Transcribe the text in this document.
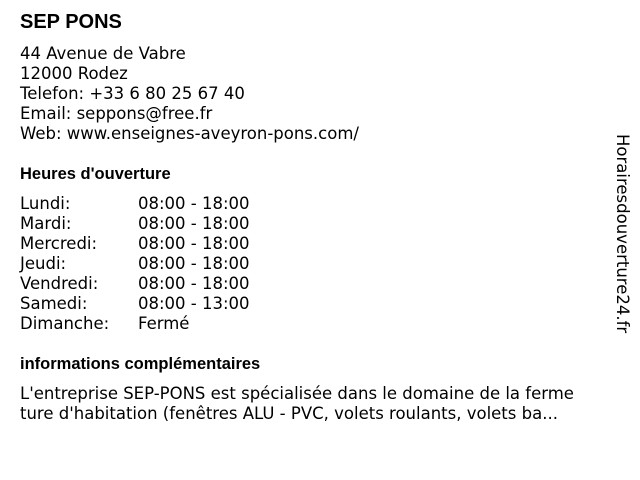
SEP PONS
44 Avenue de Vabre
12000 Rodez
Telefon: +33 6 80 25 67 40
Email: seppons@free.fr
Web: www.enseignes-aveyron-pons.com/
Heures d'ouverture
Lundi:	08:00 - 18:00
Mardi:	08:00 - 18:00
Mercredi: 08:00 - 18:00
Jeudi:	08:00 - 18:00
Vendredi: 08:00 - 18:00
Samedi:	08:00 - 13:00
Dimanche: Fermé
informations complémentaires
L'entreprise SEP-PONS est spécialisée dans le domaine de la ferme
ture d'habitation (fenêtres ALU - PVC, volets roulants, volets ba...
Horairesdouverture24.fr
